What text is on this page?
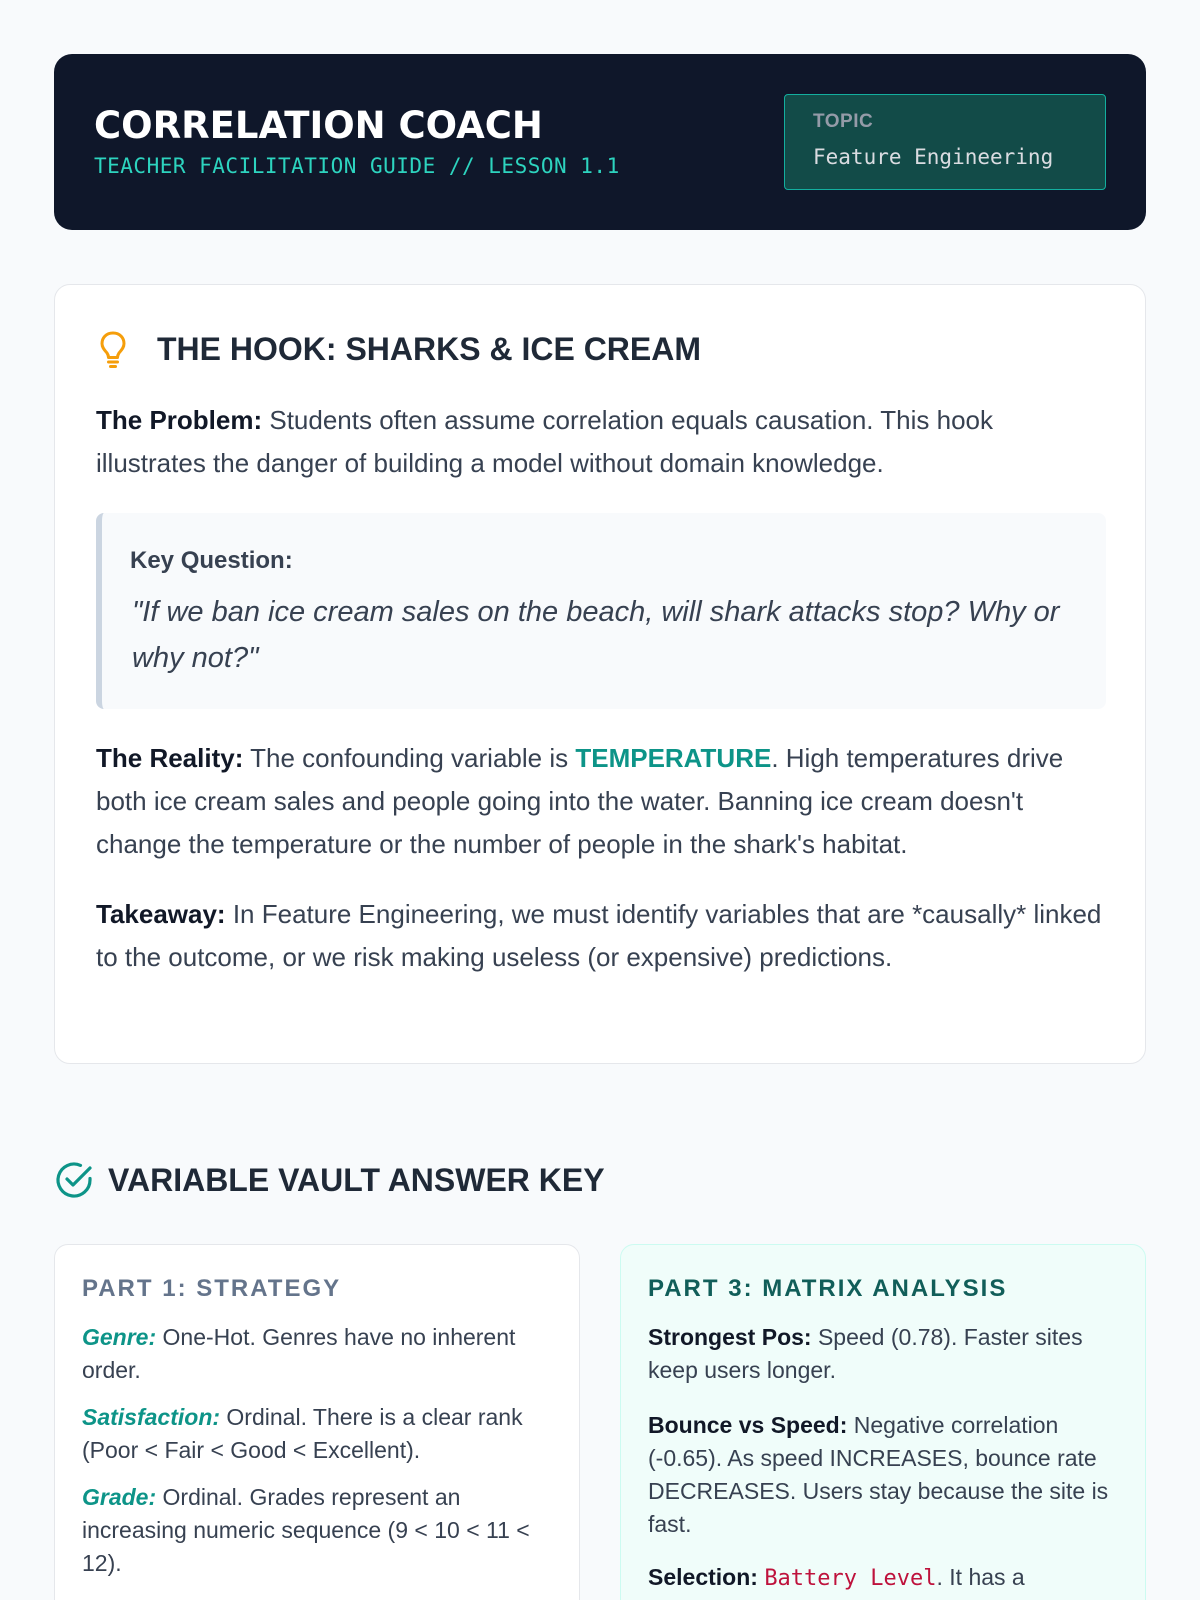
CORRELATION COACH
TEACHER FACILITATION GUIDE // LESSON 1.1
TOPIC
Feature Engineering
THE HOOK: SHARKS & ICE CREAM
The Problem: Students often assume correlation equals causation. This hook illustrates the danger of building a model without domain knowledge.
Key Question:
"If we ban ice cream sales on the beach, will shark attacks stop? Why or why not?"
The Reality: The confounding variable is TEMPERATURE. High temperatures drive both ice cream sales and people going into the water. Banning ice cream doesn't change the temperature or the number of people in the shark's habitat.
Takeaway: In Feature Engineering, we must identify variables that are *causally* linked to the outcome, or we risk making useless (or expensive) predictions.
VARIABLE VAULT ANSWER KEY
PART 1: STRATEGY
Genre: One-Hot. Genres have no inherent order.
Satisfaction: Ordinal. There is a clear rank (Poor < Fair < Good < Excellent).
Grade: Ordinal. Grades represent an increasing numeric sequence (9 < 10 < 11 < 12).
PART 3: MATRIX ANALYSIS
Strongest Pos: Speed (0.78). Faster sites keep users longer.
Bounce vs Speed: Negative correlation (-0.65). As speed INCREASES, bounce rate DECREASES. Users stay because the site is fast.
Selection: Battery Level. It has a
